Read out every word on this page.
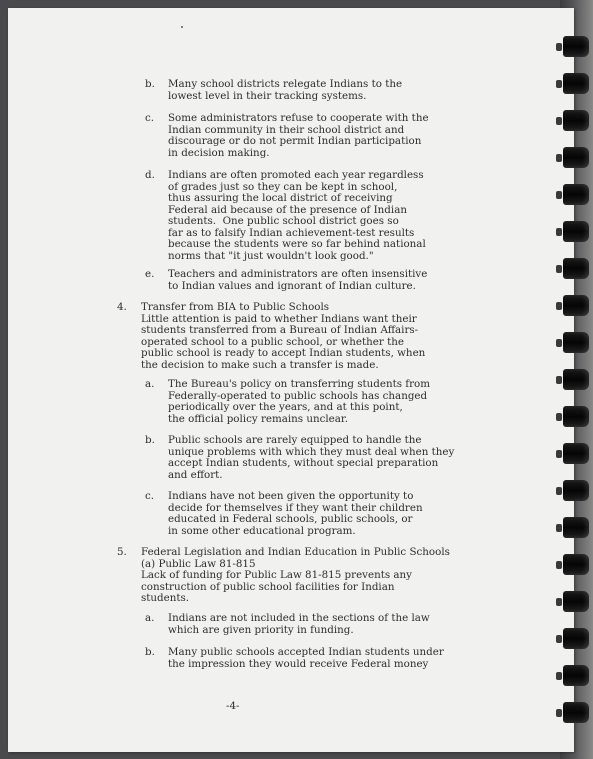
b. Many school districts relegate Indians to the
lowest level in their tracking systems.
c. Some administrators refuse to cooperate with the
Indian community in their school district and
discourage or do not permit Indian participation
in decision making.
d. Indians are often promoted each year regardless
of grades just so they can be kept in school,
thus assuring the local district of receiving
Federal aid because of the presence of Indian
students.  One public school district goes so
far as to falsify Indian achievement-test results
because the students were so far behind national
norms that "it just wouldn't look good."
e. Teachers and administrators are often insensitive
to Indian values and ignorant of Indian culture.
4. Transfer from BIA to Public Schools
Little attention is paid to whether Indians want their
students transferred from a Bureau of Indian Affairs-
operated school to a public school, or whether the
public school is ready to accept Indian students, when
the decision to make such a transfer is made.
a. The Bureau's policy on transferring students from
Federally-operated to public schools has changed
periodically over the years, and at this point,
the official policy remains unclear.
b. Public schools are rarely equipped to handle the
unique problems with which they must deal when they
accept Indian students, without special preparation
and effort.
c. Indians have not been given the opportunity to
decide for themselves if they want their children
educated in Federal schools, public schools, or
in some other educational program.
5. Federal Legislation and Indian Education in Public Schools
(a) Public Law 81-815
Lack of funding for Public Law 81-815 prevents any
construction of public school facilities for Indian
students.
a. Indians are not included in the sections of the law
which are given priority in funding.
b. Many public schools accepted Indian students under
the impression they would receive Federal money
-4-
